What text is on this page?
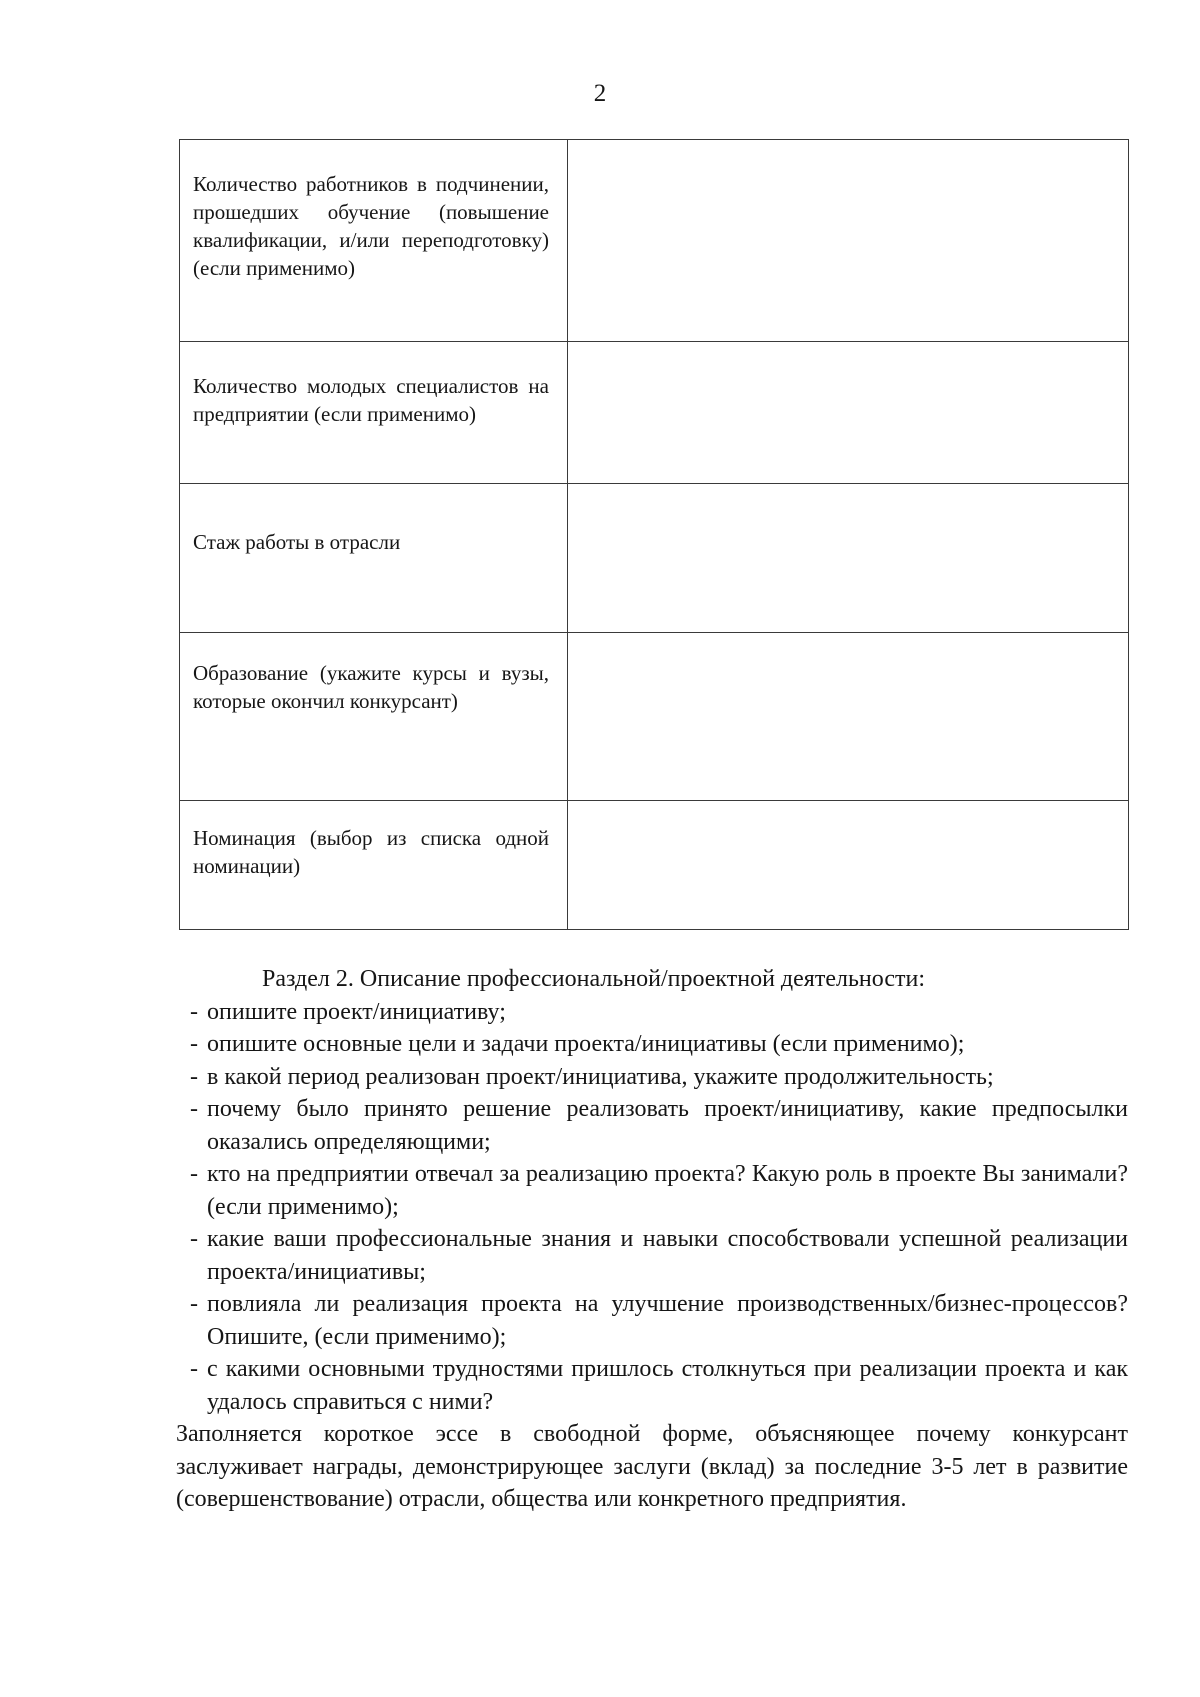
2
Количество работников в подчинении, прошедших обучение (повышение квалификации, и/или переподготовку) (если применимо)	

Количество молодых специалистов на предприятии (если применимо)	

Стаж работы в отрасли	

Образование (укажите курсы и вузы, которые окончил конкурсант)	

Номинация (выбор из списка одной номинации)	

Раздел 2. Описание профессиональной/проектной деятельности:
- опишите проект/инициативу;
- опишите основные цели и задачи проекта/инициативы (если применимо);
- в какой период реализован проект/инициатива, укажите продолжительность;
- почему было принято решение реализовать проект/инициативу, какие предпосылки оказались определяющими;
- кто на предприятии отвечал за реализацию проекта? Какую роль в проекте Вы занимали? (если применимо);
- какие ваши профессиональные знания и навыки способствовали успешной реализации проекта/инициативы;
- повлияла ли реализация проекта на улучшение производственных/бизнес-процессов? Опишите, (если применимо);
- с какими основными трудностями пришлось столкнуться при реализации проекта и как удалось справиться с ними?

Заполняется короткое эссе в свободной форме, объясняющее почему конкурсант заслуживает награды, демонстрирующее заслуги (вклад) за последние 3-5 лет в развитие (совершенствование) отрасли, общества или конкретного предприятия.
